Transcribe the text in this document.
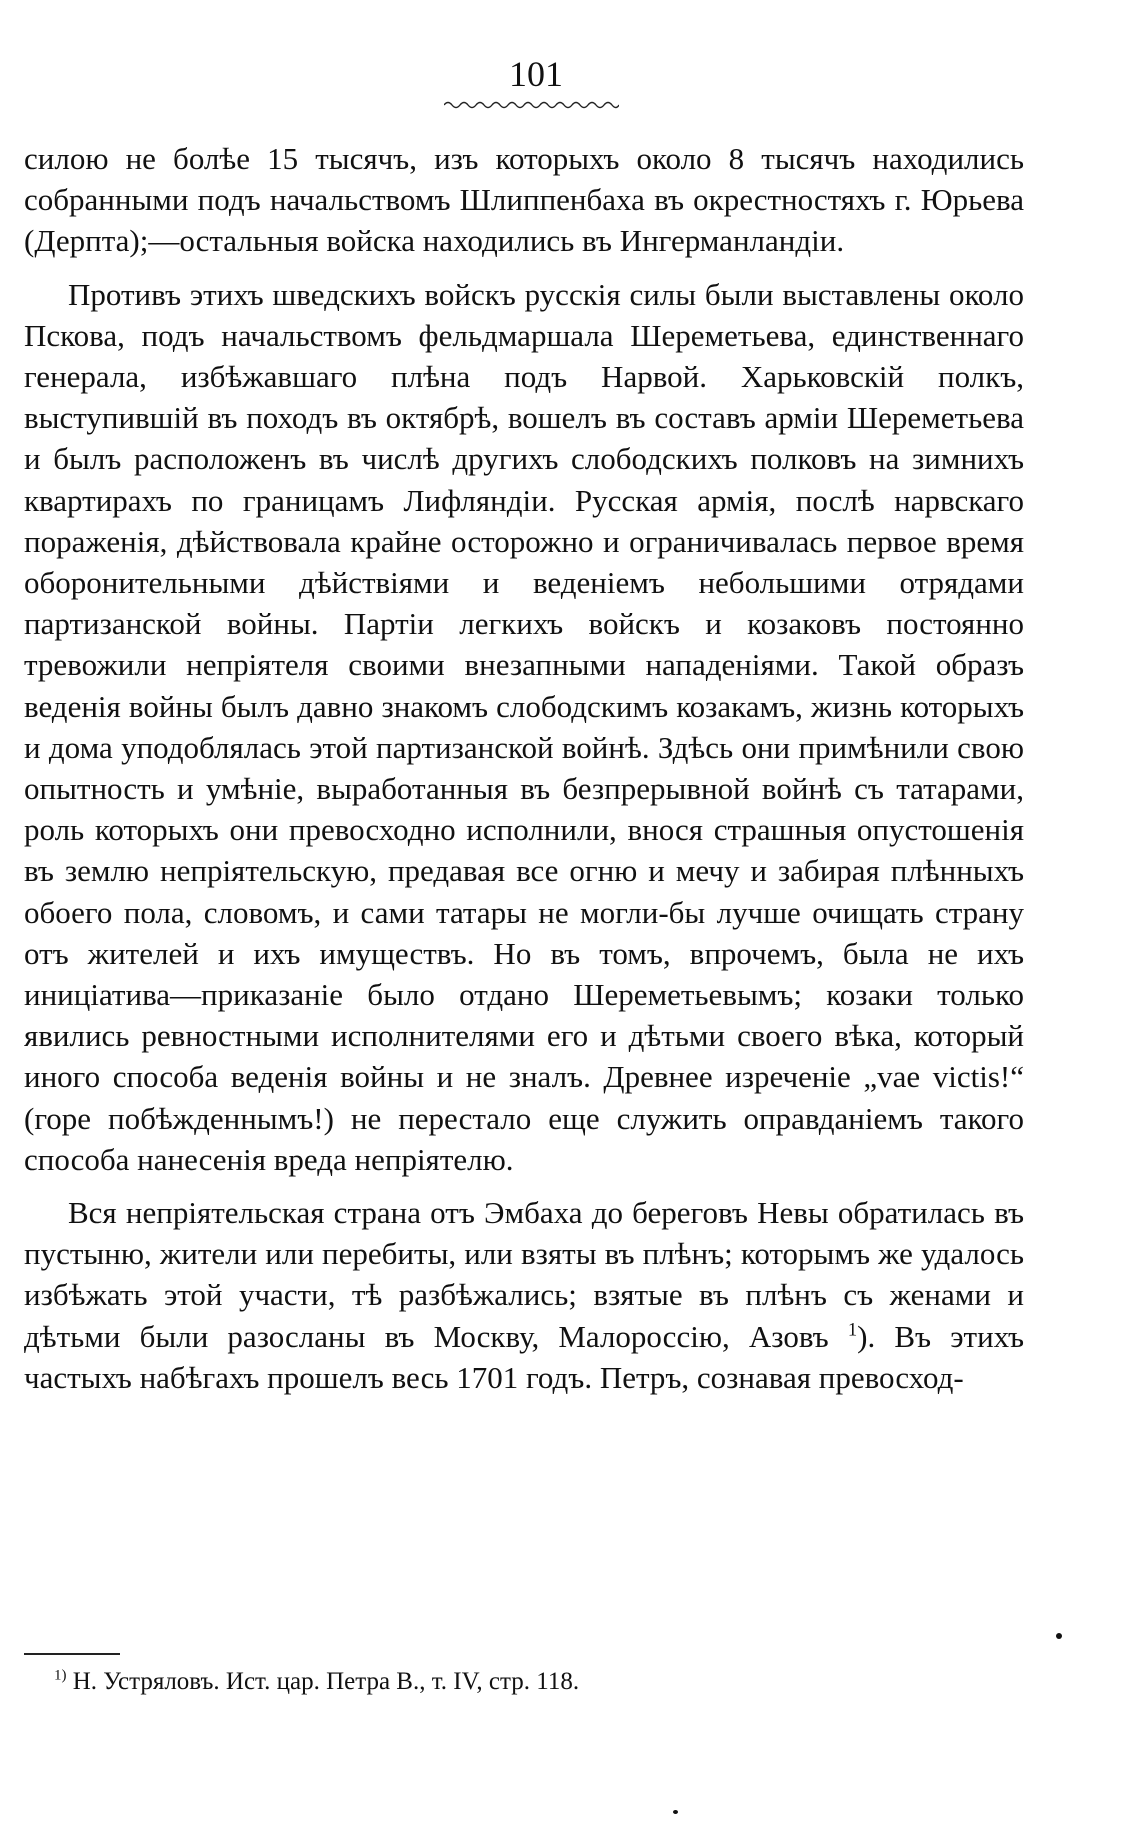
101

силою не болѣе 15 тысячъ, изъ которыхъ около 8 тысячъ находились собранными подъ начальствомъ Шлиппенбаха въ окрестностяхъ г. Юрьева (Дерпта);—остальныя войска находились въ Ингерманландіи.

Противъ этихъ шведскихъ войскъ русскія силы были выставлены около Пскова, подъ начальствомъ фельдмаршала Шереметьева, единственнаго генерала, избѣжавшаго плѣна подъ Нарвой. Харьковскій полкъ, выступившій въ походъ въ октябрѣ, вошелъ въ составъ арміи Шереметьева и былъ расположенъ въ числѣ другихъ слободскихъ полковъ на зимнихъ квартирахъ по границамъ Лифляндіи. Русская армія, послѣ нарвскаго пораженія, дѣйствовала крайне осторожно и ограничивалась первое время оборонительными дѣйствіями и веденіемъ небольшими отрядами партизанской войны. Партіи легкихъ войскъ и козаковъ постоянно тревожили непріятеля своими внезапными нападеніями. Такой образъ веденія войны былъ давно знакомъ слободскимъ козакамъ, жизнь которыхъ и дома уподоблялась этой партизанской войнѣ. Здѣсь они примѣнили свою опытность и умѣніе, выработанныя въ безпрерывной войнѣ съ татарами, роль которыхъ они превосходно исполнили, внося страшныя опустошенія въ землю непріятельскую, предавая все огню и мечу и забирая плѣнныхъ обоего пола, словомъ, и сами татары не могли-бы лучше очищать страну отъ жителей и ихъ имуществъ. Но въ томъ, впрочемъ, была не ихъ иниціатива—приказаніе было отдано Шереметьевымъ; козаки только явились ревностными исполнителями его и дѣтьми своего вѣка, который иного способа веденія войны и не зналъ. Древнее изреченіе „vae victis!“ (горе побѣжденнымъ!) не перестало еще служить оправданіемъ такого способа нанесенія вреда непріятелю.

Вся непріятельская страна отъ Эмбаха до береговъ Невы обратилась въ пустыню, жители или перебиты, или взяты въ плѣнъ; которымъ же удалось избѣжать этой участи, тѣ разбѣжались; взятые въ плѣнъ съ женами и дѣтьми были разосланы въ Москву, Малороссію, Азовъ $^1$). Въ этихъ частыхъ набѣгахъ прошелъ весь 1701 годъ. Петръ, сознавая превосход-

$^{1)}$ Н. Устряловъ. Ист. цар. Петра В., т. IV, стр. 118.
